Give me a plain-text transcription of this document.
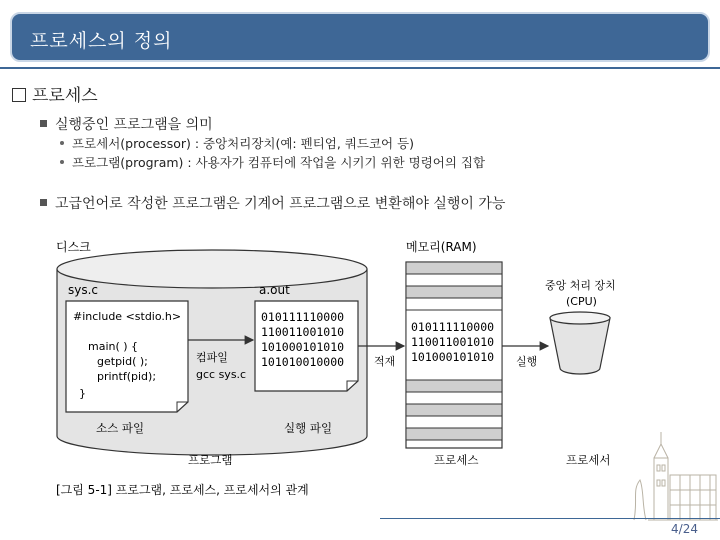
프로세스의 정의
프로세스
실행중인 프로그램을 의미
프로세서(processor) : 중앙처리장치(예: 펜티엄, 쿼드코어 등)
프로그램(program) : 사용자가 컴퓨터에 작업을 시키기 위한 명령어의 집합
고급언어로 작성한 프로그램은 기계어 프로그램으로 변환해야 실행이 가능
디스크	메모리(RAM)
중앙 처리 장치
(CPU)
sys.c	a.out
#include <stdio.h>
main( ) {
getpid( );
printf(pid);
}
010111110000
110011001010
101000101010
101010010000
컴파일
gcc sys.c
소스 파일	실행 파일
010111110000
110011001010
101000101010
적재	실행
프로그램	프로세스	프로세서
[그림 5-1] 프로그램, 프로세스, 프로세서의 관계
4/24
